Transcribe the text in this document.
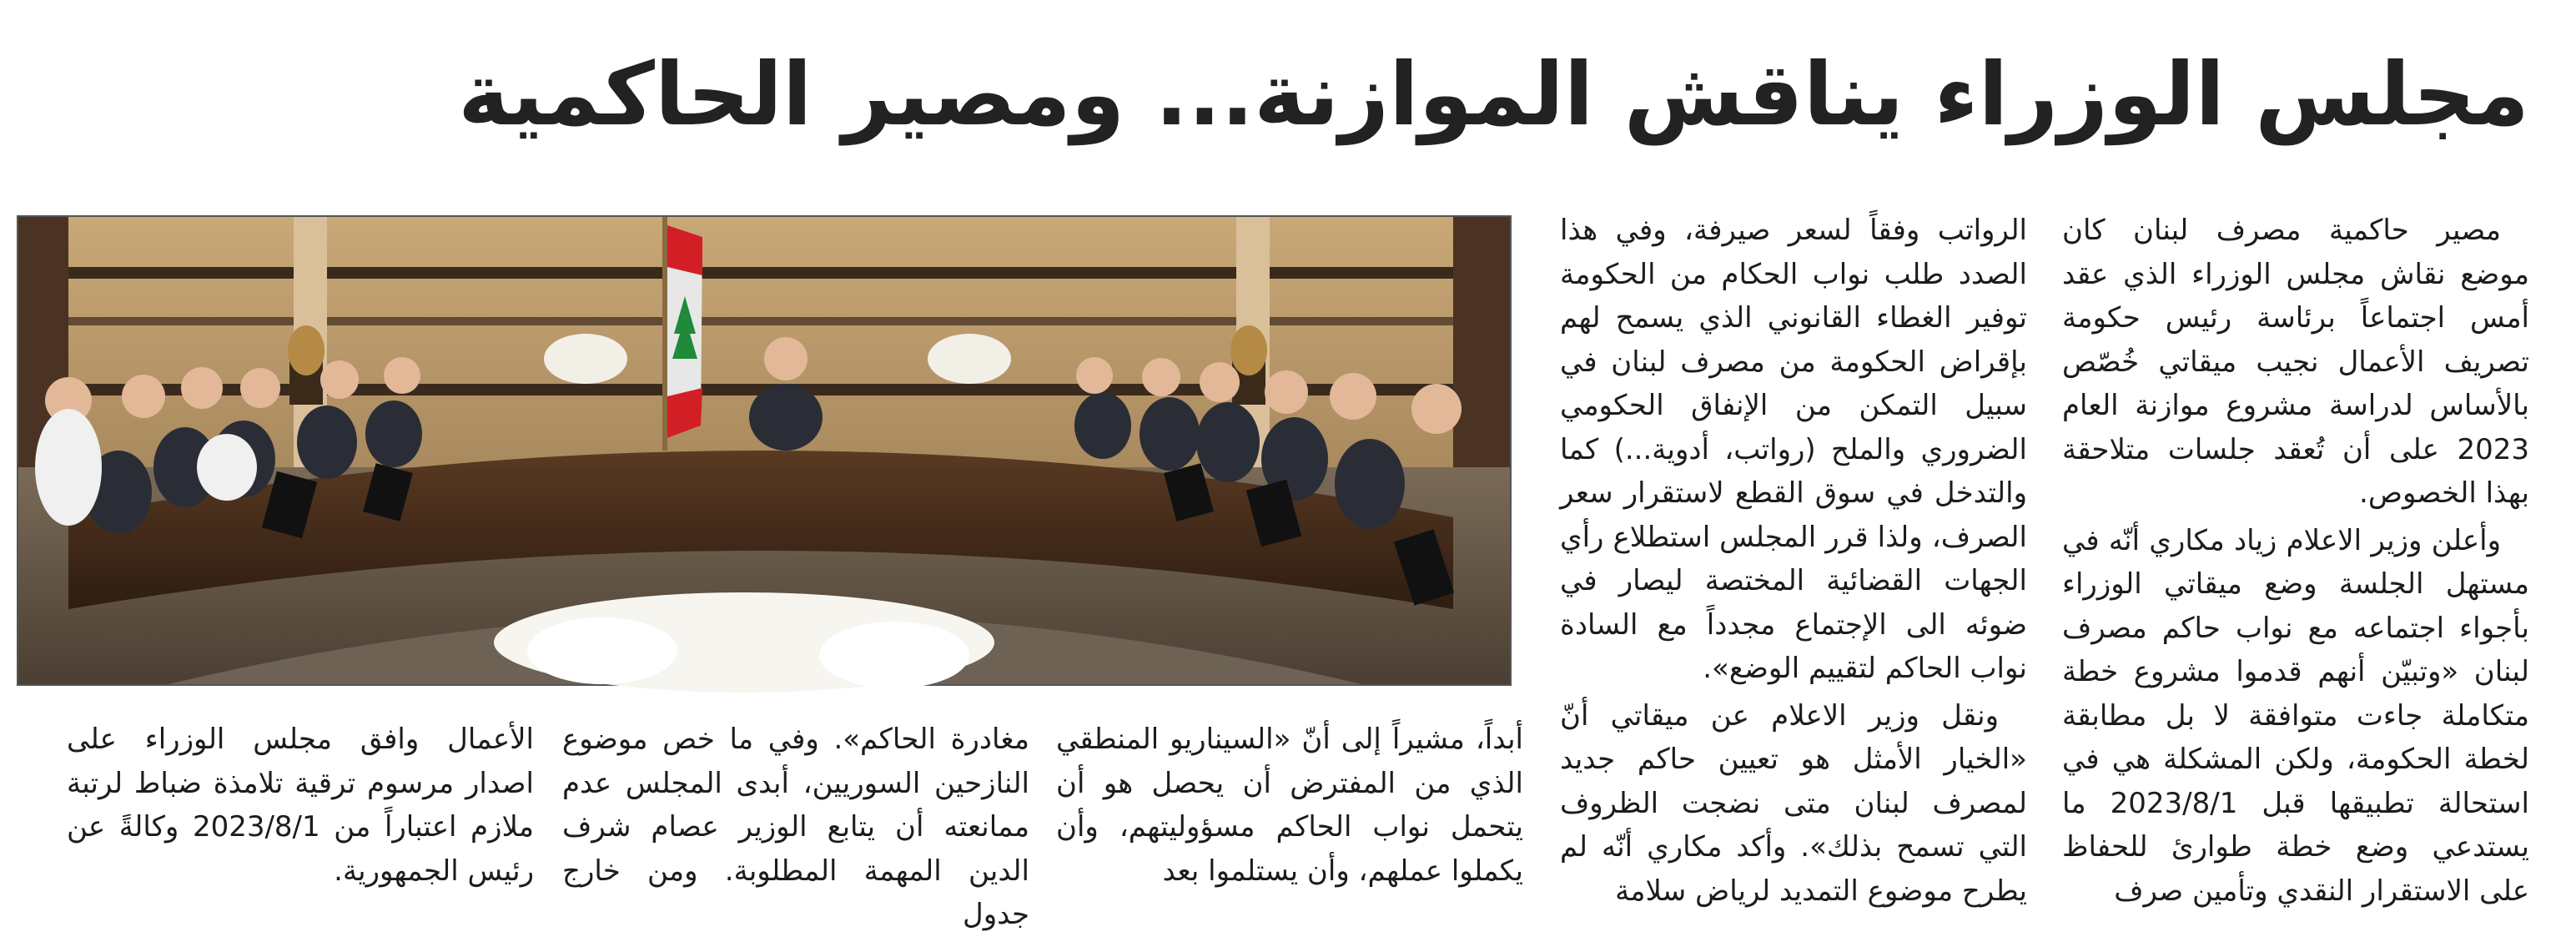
مجلس الوزراء يناقش الموازنة... ومصير الحاكمية

مصير حاكمية مصرف لبنان كان موضع نقاش مجلس الوزراء الذي عقد أمس اجتماعاً برئاسة رئيس حكومة تصريف الأعمال نجيب ميقاتي خُصّص بالأساس لدراسة مشروع موازنة العام 2023 على أن تُعقد جلسات متلاحقة بهذا الخصوص.

وأعلن وزير الاعلام زياد مكاري أنّه في مستهل الجلسة وضع ميقاتي الوزراء بأجواء اجتماعه مع نواب حاكم مصرف لبنان «وتبيّن أنهم قدموا مشروع خطة متكاملة جاءت متوافقة لا بل مطابقة لخطة الحكومة، ولكن المشكلة هي في استحالة تطبيقها قبل 2023/8/1 ما يستدعي وضع خطة طوارئ للحفاظ على الاستقرار النقدي وتأمين صرف

الرواتب وفقاً لسعر صيرفة، وفي هذا الصدد طلب نواب الحكام من الحكومة توفير الغطاء القانوني الذي يسمح لهم بإقراض الحكومة من مصرف لبنان في سبيل التمكن من الإنفاق الحكومي الضروري والملح (رواتب، أدوية...) كما والتدخل في سوق القطع لاستقرار سعر الصرف، ولذا قرر المجلس استطلاع رأي الجهات القضائية المختصة ليصار في ضوئه الى الإجتماع مجدداً مع السادة نواب الحاكم لتقييم الوضع».

ونقل وزير الاعلام عن ميقاتي أنّ «الخيار الأمثل هو تعيين حاكم جديد لمصرف لبنان متى نضجت الظروف التي تسمح بذلك». وأكد مكاري أنّه لم يطرح موضوع التمديد لرياض سلامة

أبداً، مشيراً إلى أنّ «السيناريو المنطقي الذي من المفترض أن يحصل هو أن يتحمل نواب الحاكم مسؤوليتهم، وأن يكملوا عملهم، وأن يستلموا بعد

مغادرة الحاكم». وفي ما خص موضوع النازحين السوريين، أبدى المجلس عدم ممانعته أن يتابع الوزير عصام شرف الدين المهمة المطلوبة. ومن خارج جدول

الأعمال وافق مجلس الوزراء على اصدار مرسوم ترقية تلامذة ضباط لرتبة ملازم اعتباراً من 2023/8/1 وكالةً عن رئيس الجمهورية.
